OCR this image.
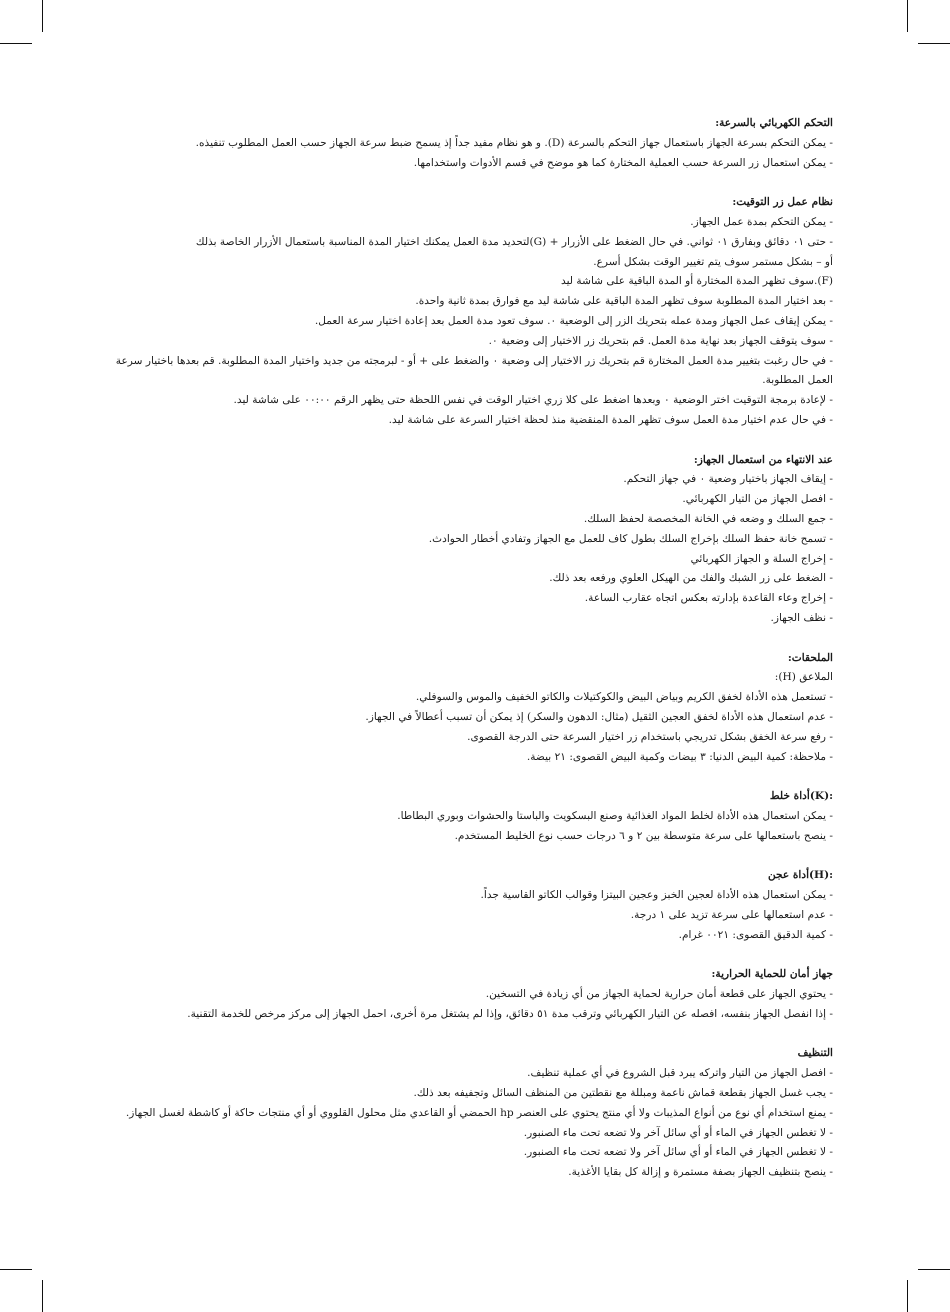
التحكم الكهربائي بالسرعة:
- يمكن التحكم بسرعة الجهاز باستعمال جهاز التحكم بالسرعة (D). و هو نظام مفيد جداً إذ يسمح ضبط سرعة الجهاز حسب العمل المطلوب تنفيذه.
- يمكن استعمال زر السرعة حسب العملية المختارة كما هو موضح في قسم الأدوات واستخدامها.
نظام عمل زر التوقيت:
- يمكن التحكم بمدة عمل الجهاز.
- حتى ٠١ دقائق وبفارق ٠١ ثواني. في حال الضغط على الأزرار + (G)لتحديد مدة العمل يمكنك اختيار المدة المناسبة باستعمال الأزرار الخاصة بذلك
أو – بشكل مستمر سوف يتم تغيير الوقت بشكل أسرع.
(F).سوف تظهر المدة المختارة أو المدة الباقية على شاشة ليد
- بعد اختيار المدة المطلوبة سوف تظهر المدة الباقية على شاشة ليد مع فوارق بمدة ثانية واحدة.
- يمكن إيقاف عمل الجهاز ومدة عمله بتحريك الزر إلى الوضعية ٠. سوف تعود مدة العمل بعد إعادة اختيار سرعة العمل.
- سوف يتوقف الجهاز بعد نهاية مدة العمل. قم بتحريك زر الاختيار إلى وضعية ٠.
- في حال رغبت بتغيير مدة العمل المختارة قم بتحريك زر الاختيار إلى وضعية ٠ والضغط على + أو - لبرمجته من جديد واختيار المدة المطلوبة. قم بعدها باختيار سرعة العمل المطلوبة.
- لإعادة برمجة التوقيت اختر الوضعية ٠ وبعدها اضغط على كلا زري اختيار الوقت في نفس اللحظة حتى يظهر الرقم ٠٠:٠٠ على شاشة ليد.
- في حال عدم اختيار مدة العمل سوف تظهر المدة المنقضية منذ لحظة اختيار السرعة على شاشة ليد.
عند الانتهاء من استعمال الجهاز:
- إيقاف الجهاز باختيار وضعية ٠ في جهاز التحكم.
- افصل الجهاز من التيار الكهربائي.
- جمع السلك و وضعه في الخانة المخصصة لحفظ السلك.
- تسمح خانة حفظ السلك بإخراج السلك بطول كاف للعمل مع الجهاز وتفادي أخطار الحوادث.
- إخراج السلة و الجهاز الكهربائي
- الضغط على زر الشبك والفك من الهيكل العلوي ورفعه بعد ذلك.
- إخراج وعاء القاعدة بإدارته بعكس اتجاه عقارب الساعة.
- نظف الجهاز.
الملحقات:
الملاعق (H):
- تستعمل هذه الأداة لخفق الكريم وبياض البيض والكوكتيلات والكاتو الخفيف والموس والسوفلي.
- عدم استعمال هذه الأداة لخفق العجين الثقيل (مثال: الدهون والسكر) إذ يمكن أن تسبب أعطالاً في الجهاز.
- رفع سرعة الخفق بشكل تدريجي باستخدام زر اختيار السرعة حتى الدرجة القصوى.
- ملاحظة: كمية البيض الدنيا: ٣ بيضات وكمية البيض القصوى: ٢١ بيضة.
:(K)أداة خلط
- يمكن استعمال هذه الأداة لخلط المواد الغذائية وصنع البسكويت والباستا والحشوات وبوري البطاطا.
- ينصح باستعمالها على سرعة متوسطة بين ٢ و ٦ درجات حسب نوع الخليط المستخدم.
:(H)أداة عجن
- يمكن استعمال هذه الأداة لعجين الخبز وعجين البيتزا وقوالب الكاتو القاسية جداً.
- عدم استعمالها على سرعة تزيد على ١ درجة.
- كمية الدقيق القصوى: ٠٠٢١ غرام.
جهاز أمان للحماية الحرارية:
- يحتوي الجهاز على قطعة أمان حرارية لحماية الجهاز من أي زيادة في التسخين.
- إذا انفصل الجهاز بنفسه، افصله عن التيار الكهربائي وترقب مدة ٥١ دقائق، وإذا لم يشتغل مرة أخرى، احمل الجهاز إلى مركز مرخص للخدمة التقنية.
التنظيف
- افصل الجهاز من التيار واتركه يبرد قبل الشروع في أي عملية تنظيف.
- يجب غسل الجهاز بقطعة قماش ناعمة ومبللة مع نقطتين من المنظف السائل وتجفيفه بعد ذلك.
- يمنع استخدام أي نوع من أنواع المذيبات ولا أي منتج يحتوي على العنصر hp الحمضي أو القاعدي مثل محلول القلووي أو أي منتجات حاكة أو كاشطة لغسل الجهاز.
- لا تغطس الجهاز في الماء أو أي سائل آخر ولا تضعه تحت ماء الصنبور.
- لا تغطس الجهاز في الماء أو أي سائل آخر ولا تضعه تحت ماء الصنبور.
- ينصح بتنظيف الجهاز بصفة مستمرة و إزالة كل بقايا الأغذية.
